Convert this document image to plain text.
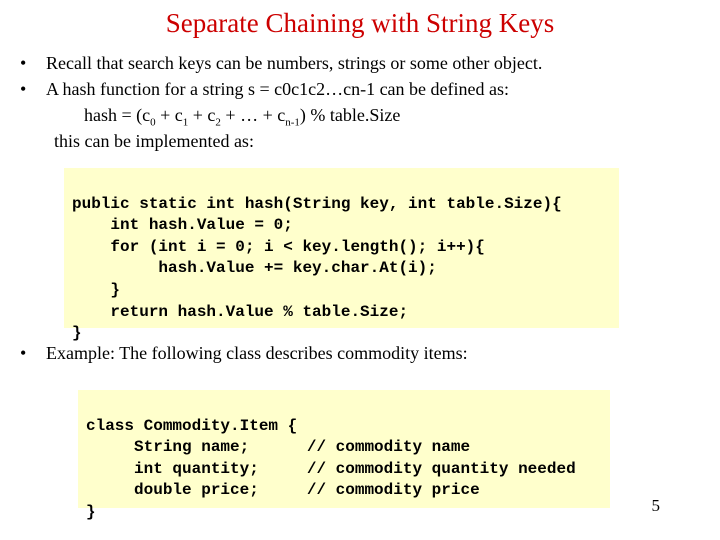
Separate Chaining with String Keys
• Recall that search keys can be numbers, strings or some other object.
• A hash function for a string s = c0c1c2…cn-1 can be defined as:
hash = ($c_0 + c_1 + c_2$ + … + $c_{n-1}$) % table.Size
this can be implemented as:

public static int hash(String key, int table.Size){
int hash.Value = 0;
for (int i = 0; i < key.length(); i++){
hash.Value += key.char.At(i);
}
return hash.Value % table.Size;
}
• Example: The following class describes commodity items:

class Commodity.Item {
String name;      // commodity name
int quantity;     // commodity quantity needed
double price;     // commodity price
}	5
